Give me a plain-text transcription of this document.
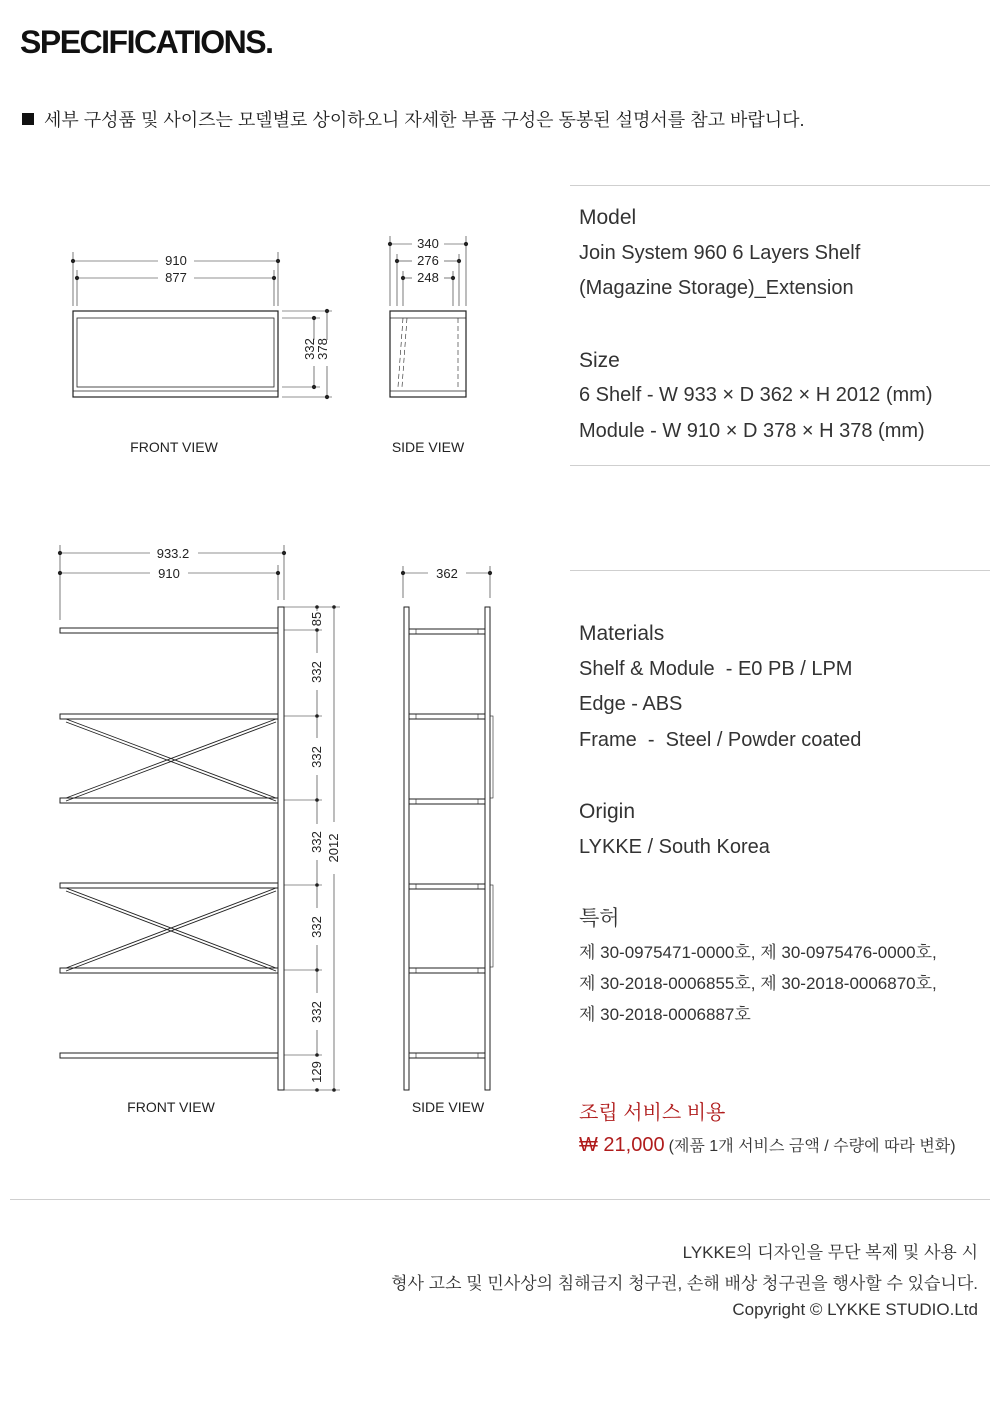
SPECIFICATIONS.
세부 구성품 및 사이즈는 모델별로 상이하오니 자세한 부품 구성은 동봉된 설명서를 참고 바랍니다.
910
877
332
378
FRONT VIEW
340
276
248
SIDE VIEW
933.2
910
85
332
332
332
332
332
129
2012
FRONT VIEW
362
SIDE VIEW
Model
Join System 960 6 Layers Shelf
(Magazine Storage)_Extension
Size
6 Shelf - W 933 × D 362 × H 2012 (mm)
Module - W 910 × D 378 × H 378 (mm)
Materials
Shelf & Module  - E0 PB / LPM
Edge - ABS
Frame  -  Steel / Powder coated
Origin
LYKKE / South Korea
특허
제 30-0975471-0000호, 제 30-0975476-0000호,
제 30-2018-0006855호, 제 30-2018-0006870호,
제 30-2018-0006887호
조립 서비스 비용
₩ 21,000 (제품 1개 서비스 금액 / 수량에 따라 변화)
LYKKE의 디자인을 무단 복제 및 사용 시
형사 고소 및 민사상의 침해금지 청구권, 손해 배상 청구권을 행사할 수 있습니다.
Copyright © LYKKE STUDIO.Ltd
